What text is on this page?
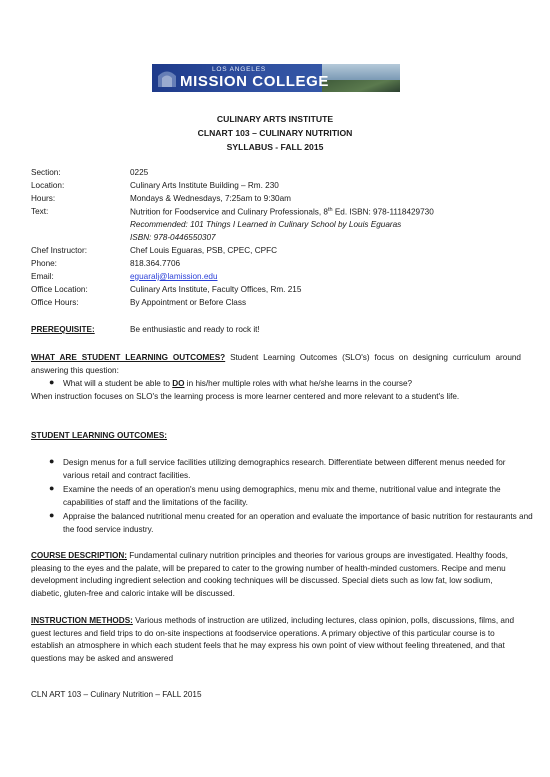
LOS ANGELES
MISSION COLLEGE
CULINARY ARTS INSTITUTE
CLNART 103 – CULINARY NUTRITION
SYLLABUS - FALL 2015
Section:	0225
Location:	Culinary Arts Institute Building – Rm. 230
Hours:	Mondays & Wednesdays, 7:25am to 9:30am
Text:	Nutrition for Foodservice and Culinary Professionals, 8th Ed. ISBN: 978-1118429730
Recommended: 101 Things I Learned in Culinary School by Louis Eguaras
ISBN: 978-0446550307
Chef Instructor:	Chef Louis Eguaras, PSB, CPEC, CPFC
Phone:	818.364.7706
Email:	eguaralj@lamission.edu
Office Location:	Culinary Arts Institute, Faculty Offices, Rm. 215
Office Hours:	By Appointment or Before Class
PREREQUISITE:	Be enthusiastic and ready to rock it!
WHAT ARE STUDENT LEARNING OUTCOMES? Student Learning Outcomes (SLO's) focus on designing curriculum around answering this question:
● What will a student be able to DO in his/her multiple roles with what he/she learns in the course?
When instruction focuses on SLO's the learning process is more learner centered and more relevant to a student's life.
STUDENT LEARNING OUTCOMES:
● Design menus for a full service facilities utilizing demographics research. Differentiate between different menus needed for various retail and contract facilities.
● Examine the needs of an operation's menu using demographics, menu mix and theme, nutritional value and integrate the capabilities of staff and the limitations of the facility.
● Appraise the balanced nutritional menu created for an operation and evaluate the importance of basic nutrition for restaurants and the food service industry.
COURSE DESCRIPTION: Fundamental culinary nutrition principles and theories for various groups are investigated. Healthy foods, pleasing to the eyes and the palate, will be prepared to cater to the growing number of health-minded customers. Recipe and menu development including ingredient selection and cooking techniques will be discussed. Special diets such as low fat, low sodium, diabetic, gluten-free and caloric intake will be discussed.
INSTRUCTION METHODS: Various methods of instruction are utilized, including lectures, class opinion, polls, discussions, films, and guest lectures and field trips to do on-site inspections at foodservice operations. A primary objective of this particular course is to establish an atmosphere in which each student feels that he may express his own point of view without feeling threatened, and that questions may be asked and answered
CLN ART 103 – Culinary Nutrition – FALL 2015
